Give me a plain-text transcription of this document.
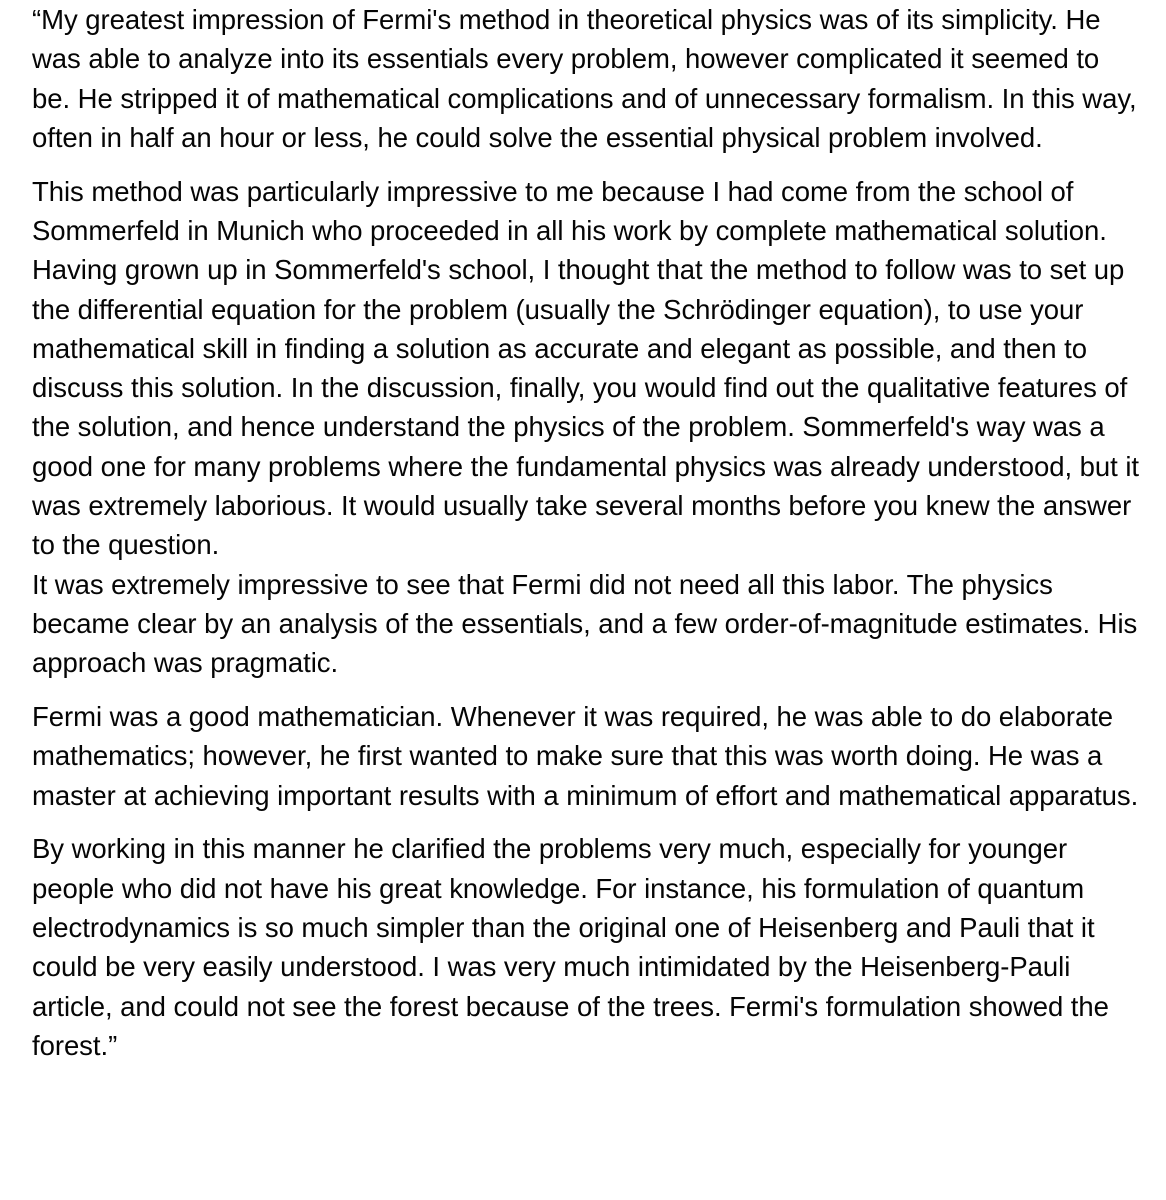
“My greatest impression of Fermi's method in theoretical physics was of its simplicity. He was able to analyze into its essentials every problem, however complicated it seemed to be. He stripped it of mathematical complications and of unnecessary formalism. In this way, often in half an hour or less, he could solve the essential physical problem involved.

This method was particularly impressive to me because I had come from the school of Sommerfeld in Munich who proceeded in all his work by complete mathematical solution. Having grown up in Sommerfeld's school, I thought that the method to follow was to set up the differential equation for the problem (usually the Schrödinger equation), to use your mathematical skill in finding a solution as accurate and elegant as possible, and then to discuss this solution. In the discussion, finally, you would find out the qualitative features of the solution, and hence understand the physics of the problem. Sommerfeld's way was a good one for many problems where the fundamental physics was already understood, but it was extremely laborious. It would usually take several months before you knew the answer to the question.

It was extremely impressive to see that Fermi did not need all this labor. The physics became clear by an analysis of the essentials, and a few order-of-magnitude estimates. His approach was pragmatic.

Fermi was a good mathematician. Whenever it was required, he was able to do elaborate mathematics; however, he first wanted to make sure that this was worth doing. He was a master at achieving important results with a minimum of effort and mathematical apparatus.

By working in this manner he clarified the problems very much, especially for younger people who did not have his great knowledge. For instance, his formulation of quantum electrodynamics is so much simpler than the original one of Heisenberg and Pauli that it could be very easily understood. I was very much intimidated by the Heisenberg-Pauli article, and could not see the forest because of the trees. Fermi's formulation showed the forest.”
